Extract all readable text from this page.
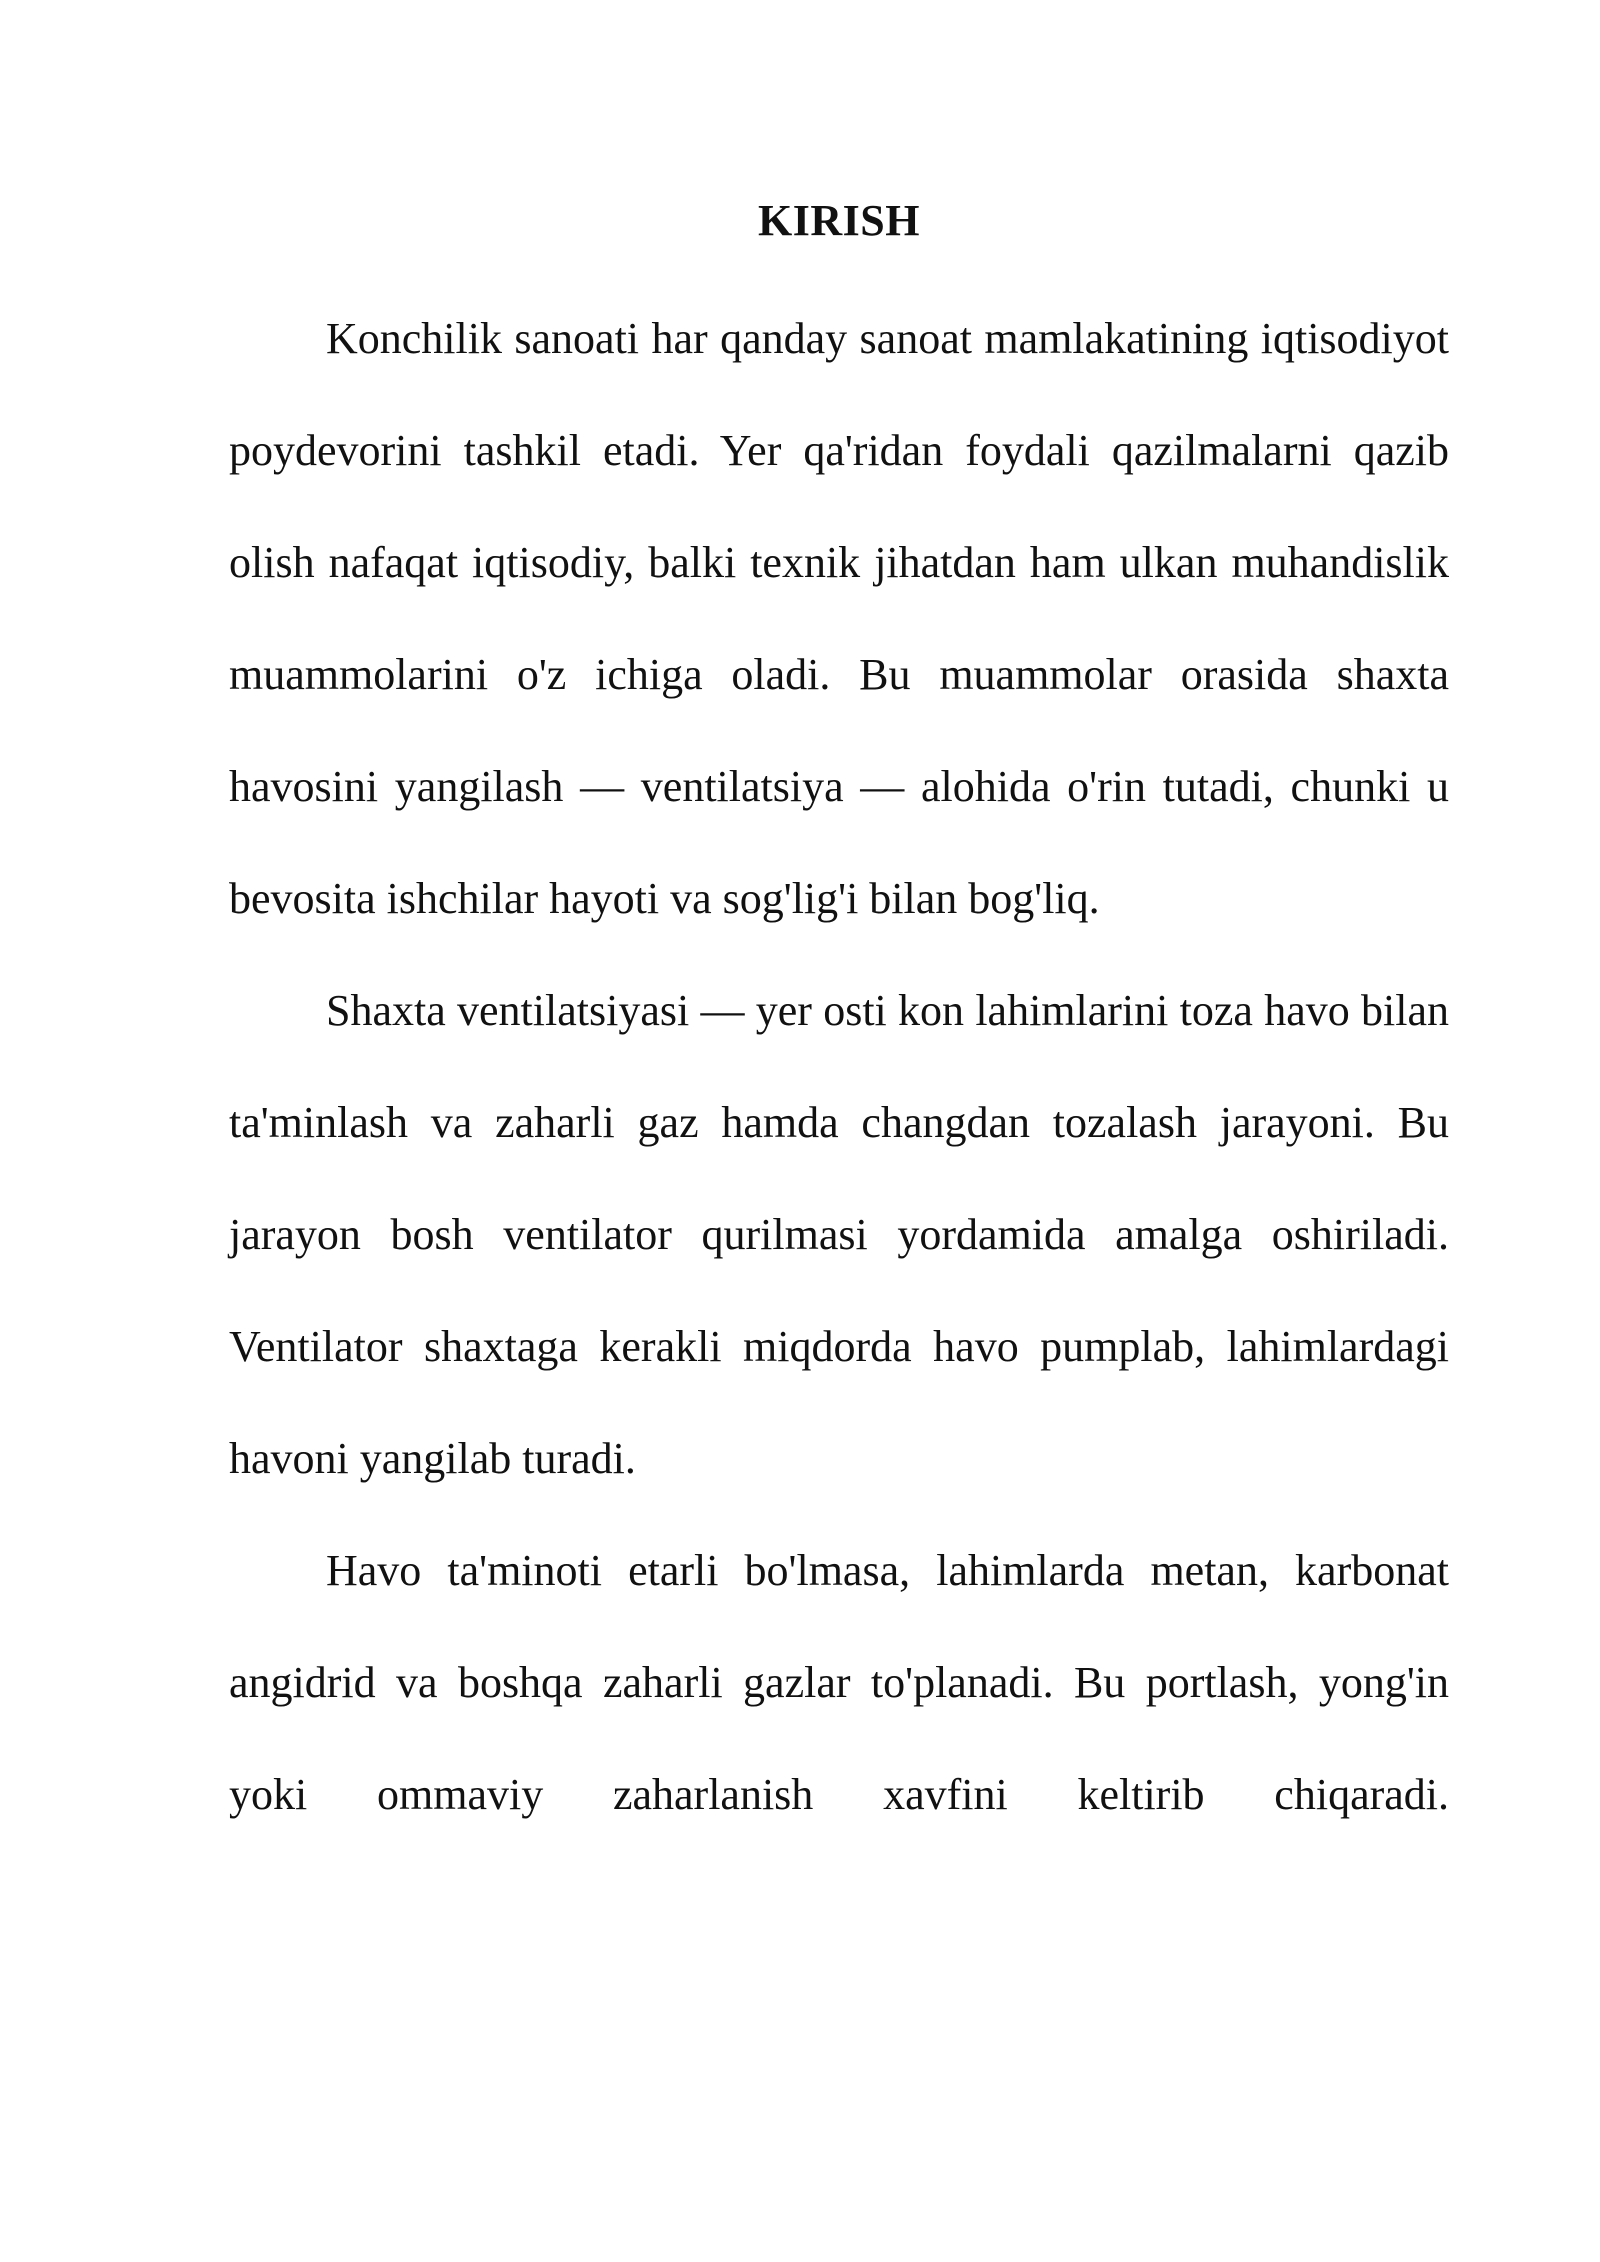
KIRISH

Konchilik sanoati har qanday sanoat mamlakatining iqtisodiyot poydevorini tashkil etadi. Yer qa'ridan foydali qazilmalarni qazib olish nafaqat iqtisodiy, balki texnik jihatdan ham ulkan muhandislik muammolarini o'z ichiga oladi. Bu muammolar orasida shaxta havosini yangilash — ventilatsiya — alohida o'rin tutadi, chunki u bevosita ishchilar hayoti va sog'lig'i bilan bog'liq.

Shaxta ventilatsiyasi — yer osti kon lahimlarini toza havo bilan ta'minlash va zaharli gaz hamda changdan tozalash jarayoni. Bu jarayon bosh ventilator qurilmasi yordamida amalga oshiriladi. Ventilator shaxtaga kerakli miqdorda havo pumplab, lahimlardagi havoni yangilab turadi.

Havo ta'minoti etarli bo'lmasa, lahimlarda metan, karbonat angidrid va boshqa zaharli gazlar to'planadi. Bu portlash, yong'in yoki ommaviy zaharlanish xavfini keltirib chiqaradi.
